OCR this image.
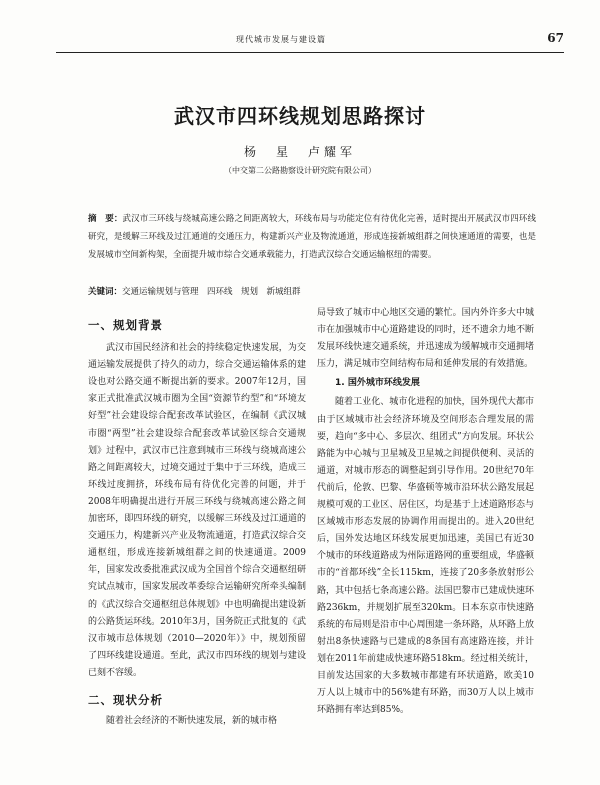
现代城市发展与建设篇	67
武汉市四环线规划思路探讨
杨　星　卢耀军
（中交第二公路勘察设计研究院有限公司）
摘　要：武汉市三环线与绕城高速公路之间距离较大，环线布局与功能定位有待优化完善，适时提出开展武汉市四环线研究，是缓解三环线及过江通道的交通压力，构建新兴产业及物流通道，形成连接新城组群之间快速通道的需要，也是发展城市空间新构架，全面提升城市综合交通承载能力，打造武汉综合交通运输枢纽的需要。
关键词：交通运输规划与管理　四环线　规划　新城组群
一、规划背景

武汉市国民经济和社会的持续稳定快速发展，为交通运输发展提供了持久的动力，综合交通运输体系的建设也对公路交通不断提出新的要求。2007年12月，国家正式批准武汉城市圈为全国“资源节约型”和“环境友好型”社会建设综合配套改革试验区，在编制《武汉城市圈“两型”社会建设综合配套改革试验区综合交通规划》过程中，武汉市已注意到城市三环线与绕城高速公路之间距离较大，过境交通过于集中于三环线，造成三环线过度拥挤，环线布局有待优化完善的问题，并于2008年明确提出进行开展三环线与绕城高速公路之间加密环，即四环线的研究，以缓解三环线及过江通道的交通压力，构建新兴产业及物流通道，打造武汉综合交通枢纽，形成连接新城组群之间的快速通道。2009年，国家发改委批准武汉成为全国首个综合交通枢纽研究试点城市，国家发展改革委综合运输研究所牵头编制的《武汉综合交通枢纽总体规划》中也明确提出建设新的公路货运环线。2010年3月，国务院正式批复的《武汉市城市总体规划（2010—2020年）》中，规划预留了四环线建设通道。至此，武汉市四环线的规划与建设已刻不容缓。

二、现状分析

随着社会经济的不断快速发展，新的城市格

局导致了城市中心地区交通的繁忙。国内外许多大中城市在加强城市中心道路建设的同时，还不遗余力地不断发展环线快速交通系统，并迅速成为缓解城市交通拥堵压力，满足城市空间结构布局和延伸发展的有效措施。

1. 国外城市环线发展

随着工业化、城市化进程的加快，国外现代大都市由于区域城市社会经济环境及空间形态合理发展的需要，趋向“多中心、多层次、组团式”方向发展。环状公路能为中心城与卫星城及卫星城之间提供便利、灵活的通道，对城市形态的调整起到引导作用。20世纪70年代前后，伦敦、巴黎、华盛顿等城市沿环状公路发展起规模可观的工业区、居住区，均是基于上述道路形态与区域城市形态发展的协调作用而提出的。进入20世纪后，国外发达地区环线发展更加迅速，美国已有近30个城市的环线道路成为州际道路网的重要组成，华盛顿市的“首都环线”全长115km，连接了20多条放射形公路，其中包括七条高速公路。法国巴黎市已建成快速环路236km，并规划扩展至320km。日本东京市快速路系统的布局则是沿市中心周围建一条环路，从环路上放射出8条快速路与已建成的8条国有高速路连接，并计划在2011年前建成快速环路518km。经过相关统计，目前发达国家的大多数城市都建有环状道路，欧美10万人以上城市中的56%建有环路，而30万人以上城市环路拥有率达到85%。
